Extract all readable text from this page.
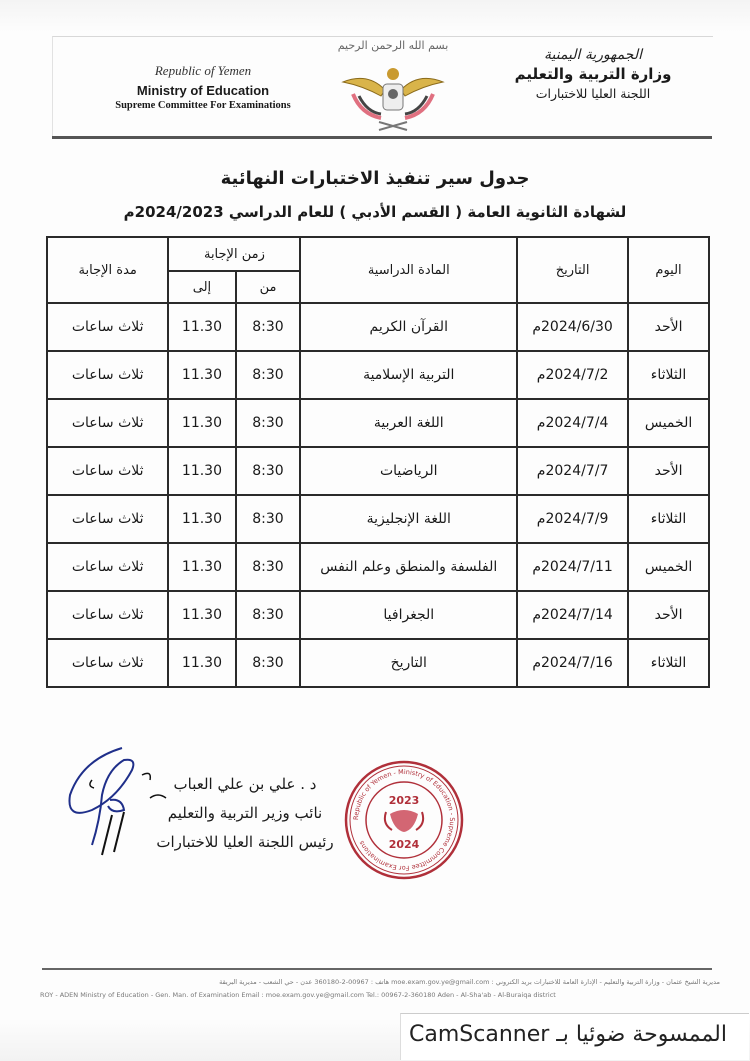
Republic of Yemen
Ministry of Education
Supreme Committee For Examinations
بسم الله الرحمن الرحيم
الجمهورية اليمنية
وزارة التربية والتعليم
اللجنة العليا للاختبارات
جدول سير تنفيذ الاختبارات النهائية
لشهادة الثانوية العامة ( القسم الأدبي ) للعام الدراسي 2024/2023م
اليوم	التاريخ	المادة الدراسية	زمن الإجابة		مدة الإجابة
			من	إلى	
الأحد	2024/6/30م	القرآن الكريم	8:30	11.30	ثلاث ساعات
الثلاثاء	2024/7/2م	التربية الإسلامية	8:30	11.30	ثلاث ساعات
الخميس	2024/7/4م	اللغة العربية	8:30	11.30	ثلاث ساعات
الأحد	2024/7/7م	الرياضيات	8:30	11.30	ثلاث ساعات
الثلاثاء	2024/7/9م	اللغة الإنجليزية	8:30	11.30	ثلاث ساعات
الخميس	2024/7/11م	الفلسفة والمنطق وعلم النفس	8:30	11.30	ثلاث ساعات
الأحد	2024/7/14م	الجغرافيا	8:30	11.30	ثلاث ساعات
الثلاثاء	2024/7/16م	التاريخ	8:30	11.30	ثلاث ساعات
د . علي بن علي العباب
نائب وزير التربية والتعليم
رئيس اللجنة العليا للاختبارات
Republic of Yemen - Ministry of Education - Supreme Committee For Examinations
2023
2024
مديرية الشيخ عثمان - وزارة التربية والتعليم - الإدارة العامة للاختبارات بريد الكتروني : moe.exam.gov.ye@gmail.com هاتف : 00967-2-360180 عدن - حي الشعب - مديرية البريقة
ROY - ADEN Ministry of Education - Gen. Man. of Examination Email : moe.exam.gov.ye@gmail.com Tel.: 00967-2-360180 Aden - Al-Sha'ab - Al-Buraiqa district
الممسوحة ضوئيا بـ CamScanner
